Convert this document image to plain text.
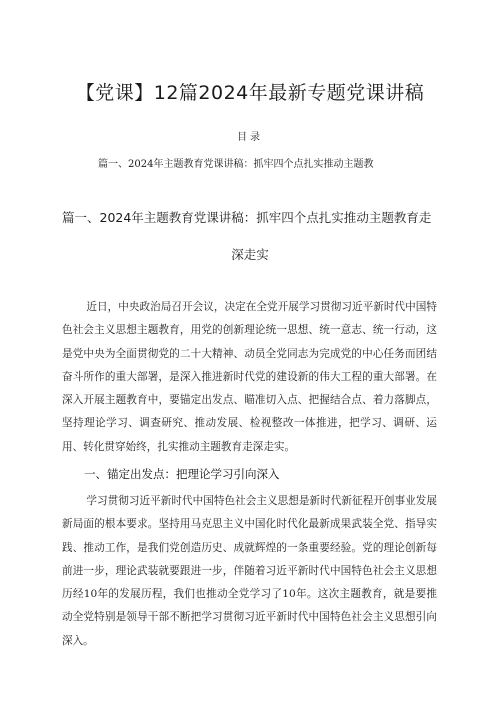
【党课】12篇2024年最新专题党课讲稿
目录
篇一、2024年主题教育党课讲稿：抓牢四个点扎实推动主题教
篇一、2024年主题教育党课讲稿：抓牢四个点扎实推动主题教育走
深走实

近日，中央政治局召开会议，决定在全党开展学习贯彻习近平新时代中国特色社会主义思想主题教育，用党的创新理论统一思想、统一意志、统一行动，这是党中央为全面贯彻党的二十大精神、动员全党同志为完成党的中心任务而团结奋斗所作的重大部署，是深入推进新时代党的建设新的伟大工程的重大部署。在深入开展主题教育中，要锚定出发点、瞄准切入点、把握结合点、着力落脚点，坚持理论学习、调查研究、推动发展、检视整改一体推进，把学习、调研、运用、转化贯穿始终，扎实推动主题教育走深走实。

一、锚定出发点：把理论学习引向深入

学习贯彻习近平新时代中国特色社会主义思想是新时代新征程开创事业发展新局面的根本要求。坚持用马克思主义中国化时代化最新成果武装全党、指导实践、推动工作，是我们党创造历史、成就辉煌的一条重要经验。党的理论创新每前进一步，理论武装就要跟进一步，伴随着习近平新时代中国特色社会主义思想历经10年的发展历程，我们也推动全党学习了10年。这次主题教育，就是要推动全党特别是领导干部不断把学习贯彻习近平新时代中国特色社会主义思想引向深入。
